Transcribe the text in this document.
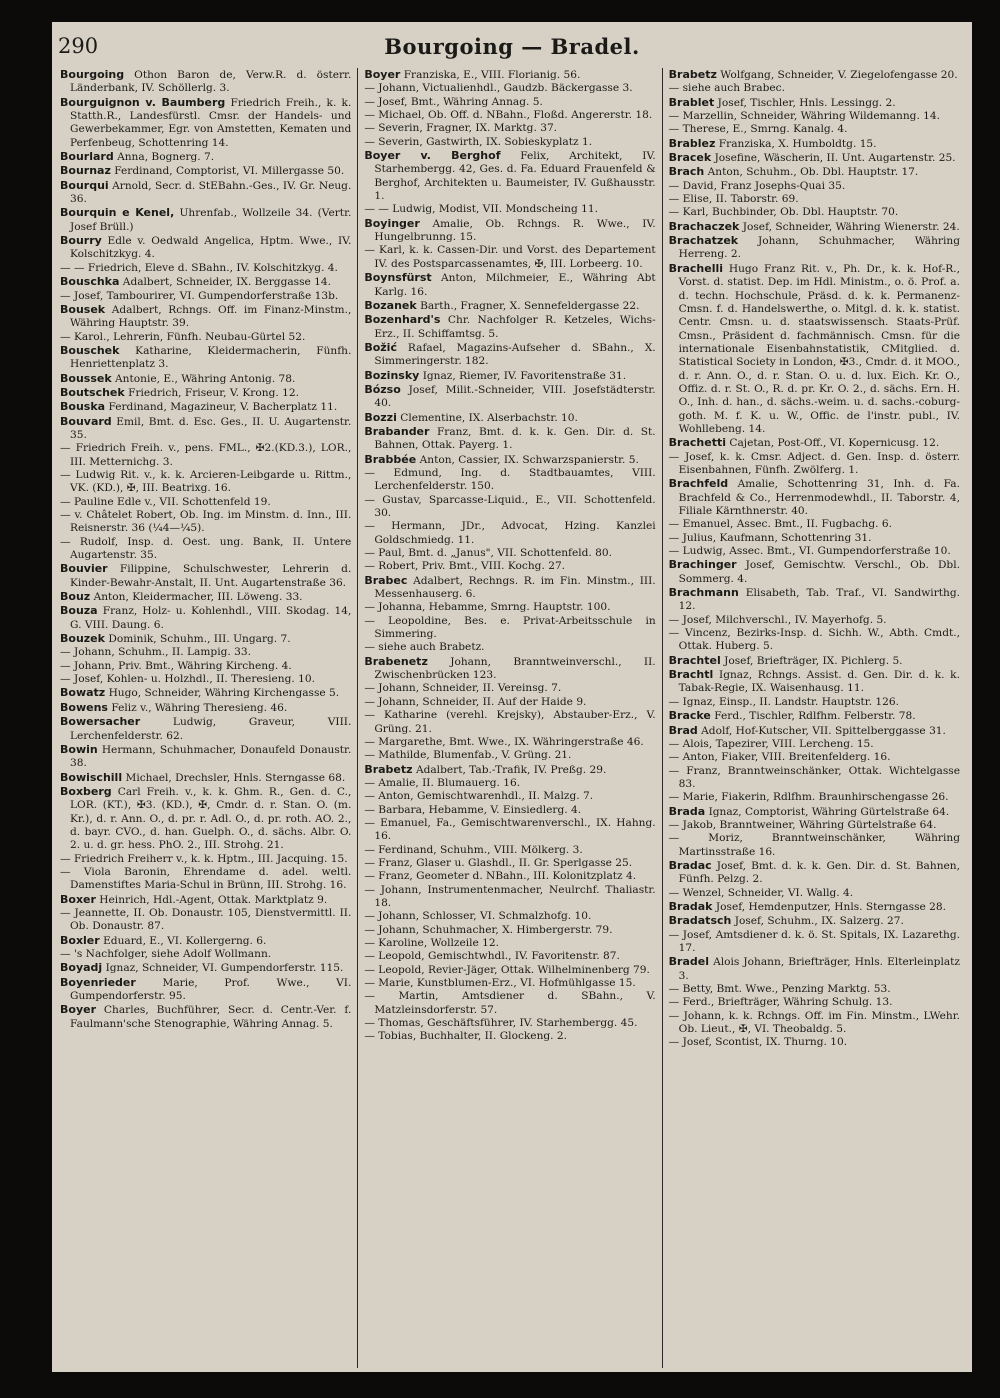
290	Bourgoing — Bradel.

Bourgoing Othon Baron de, Verw.R. d. österr. Länderbank, IV. Schöllerlg. 3.

Bourguignon v. Baumberg Friedrich Freih., k. k. Statth.R., Landesfürstl. Cmsr. der Handels- und Gewerbekammer, Egr. von Amstetten, Kematen und Perfenbeug, Schottenring 14.

Bourlard Anna, Bognerg. 7.

Bournaz Ferdinand, Comptorist, VI. Millergasse 50.

Bourqui Arnold, Secr. d. StEBahn.-Ges., IV. Gr. Neug. 36.

Bourquin e Kenel, Uhrenfab., Wollzeile 34. (Vertr. Josef Brüll.)

Bourry Edle v. Oedwald Angelica, Hptm. Wwe., IV. Kolschitzkyg. 4.

— — Friedrich, Eleve d. SBahn., IV. Kolschitzkyg. 4.

Bouschka Adalbert, Schneider, IX. Berggasse 14.

— Josef, Tambourirer, VI. Gumpendorferstraße 13b.

Bousek Adalbert, Rchngs. Off. im Finanz-Minstm., Währing Hauptstr. 39.

— Karol., Lehrerin, Fünfh. Neubau-Gürtel 52.

Bouschek Katharine, Kleidermacherin, Fünfh. Henriettenplatz 3.

Boussek Antonie, E., Währing Antonig. 78.

Boutschek Friedrich, Friseur, V. Krong. 12.

Bouska Ferdinand, Magazineur, V. Bacherplatz 11.

Bouvard Emil, Bmt. d. Esc. Ges., II. U. Augartenstr. 35.

— Friedrich Freih. v., pens. FML., ✠2.(KD.3.), LOR., III. Metternichg. 3.

— Ludwig Rit. v., k. k. Arcieren-Leibgarde u. Rittm., VK. (KD.), ✠, III. Beatrixg. 16.

— Pauline Edle v., VII. Schottenfeld 19.

— v. Châtelet Robert, Ob. Ing. im Minstm. d. Inn., III. Reisnerstr. 36 (¼4—¼5).

— Rudolf, Insp. d. Oest. ung. Bank, II. Untere Augartenstr. 35.

Bouvier Filippine, Schulschwester, Lehrerin d. Kinder-Bewahr-Anstalt, II. Unt. Augartenstraße 36.

Bouz Anton, Kleidermacher, III. Löweng. 33.

Bouza Franz, Holz- u. Kohlenhdl., VIII. Skodag. 14, G. VIII. Daung. 6.

Bouzek Dominik, Schuhm., III. Ungarg. 7.

— Johann, Schuhm., II. Lampig. 33.

— Johann, Priv. Bmt., Währing Kircheng. 4.

— Josef, Kohlen- u. Holzhdl., II. Theresieng. 10.

Bowatz Hugo, Schneider, Währing Kirchengasse 5.

Bowens Feliz v., Währing Theresieng. 46.

Bowersacher	Ludwig, Graveur, VIII. Lerchenfelderstr. 62.

Bowin Hermann, Schuhmacher, Donaufeld Donaustr. 38.

Bowischill Michael, Drechsler, Hnls. Sterngasse 68.

Boxberg Carl Freih. v., k. k. Ghm. R., Gen. d. C., LOR. (KT.), ✠3. (KD.), ✠, Cmdr. d. r. Stan. O. (m. Kr.), d. r. Ann. O., d. pr. r. Adl. O., d. pr. roth. AO. 2., d. bayr. CVO., d. han. Guelph. O., d. sächs. Albr. O. 2. u. d. gr. hess. PhO. 2., III. Strohg. 21.

— Friedrich Freiherr v., k. k. Hptm., III. Jacquing. 15.

— Viola Baronin, Ehrendame d. adel. weltl. Damenstiftes Maria-Schul in Brünn, III. Strohg. 16.

Boxer Heinrich, Hdl.-Agent, Ottak. Marktplatz 9.

— Jeannette, II. Ob. Donaustr. 105, Dienstvermittl. II. Ob. Donaustr. 87.

Boxler Eduard, E., VI. Kollergerng. 6.

— 's Nachfolger, siehe Adolf Wollmann.

Boyadj Ignaz, Schneider, VI. Gumpendorferstr. 115.

Boyenrieder	Marie, Prof. Wwe., VI. Gumpendorferstr. 95.

Boyer Charles, Buchführer, Secr. d. Centr.-Ver. f. Faulmann'sche Stenographie, Währing Annag. 5.

Boyer Franziska, E., VIII. Florianig. 56.

— Johann, Victualienhdl., Gaudzb. Bäckergasse 3.

— Josef, Bmt., Währing Annag. 5.

— Michael, Ob. Off. d. NBahn., Floßd. Angererstr. 18.

— Severin, Fragner, IX. Marktg. 37.

— Severin, Gastwirth, IX. Sobieskyplatz 1.

Boyer v. Berghof Felix, Architekt, IV. Starhembergg. 42, Ges. d. Fa. Eduard Frauenfeld & Berghof, Architekten u. Baumeister, IV. Gußhausstr. 1.

— — Ludwig, Modist, VII. Mondscheing 11.

Boyinger Amalie, Ob. Rchngs. R. Wwe., IV. Hungelbrunng. 15.

— Karl, k. k. Cassen-Dir. und Vorst. des Departement IV. des Postsparcassenamtes, ✠, III. Lorbeerg. 10.

Boynsfürst Anton, Milchmeier, E., Währing Abt Karlg. 16.

Bozanek Barth., Fragner, X. Sennefeldergasse 22.

Bozenhard's Chr. Nachfolger R. Ketzeles, Wichs-Erz., II. Schiffamtsg. 5.

Božić Rafael, Magazins-Aufseher d. SBahn., X. Simmeringerstr. 182.

Bozinsky Ignaz, Riemer, IV. Favoritenstraße 31.

Bózso Josef, Milit.-Schneider, VIII. Josefstädterstr. 40.

Bozzi Clementine, IX. Alserbachstr. 10.

Brabander Franz, Bmt. d. k. k. Gen. Dir. d. St. Bahnen, Ottak. Payerg. 1.

Brabbée Anton, Cassier, IX. Schwarzspanierstr. 5.

— Edmund, Ing. d. Stadtbauamtes, VIII. Lerchenfelderstr. 150.

— Gustav, Sparcasse-Liquid., E., VII. Schottenfeld. 30.

— Hermann, JDr., Advocat, Hzing. Kanzlei Goldschmiedg. 11.

— Paul, Bmt. d. „Janus", VII. Schottenfeld. 80.

— Robert, Priv. Bmt., VIII. Kochg. 27.

Brabec Adalbert, Rechngs. R. im Fin. Minstm., III. Messenhauserg. 6.

— Johanna, Hebamme, Smrng. Hauptstr. 100.

— Leopoldine, Bes. e. Privat-Arbeitsschule in Simmering.

— siehe auch Brabetz.

Brabenetz Johann, Branntweinverschl., II. Zwischenbrücken 123.

— Johann, Schneider, II. Vereinsg. 7.

— Johann, Schneider, II. Auf der Haide 9.

— Katharine (verehl. Krejsky), Abstauber-Erz., V. Grüng. 21.

— Margarethe, Bmt. Wwe., IX. Währingerstraße 46.

— Mathilde, Blumenfab., V. Grüng. 21.

Brabetz Adalbert, Tab.-Trafik, IV. Preßg. 29.

— Amalie, II. Blumauerg. 16.

— Anton, Gemischtwarenhdl., II. Malzg. 7.

— Barbara, Hebamme, V. Einsiedlerg. 4.

— Emanuel, Fa., Gemischtwarenverschl., IX. Hahng. 16.

— Ferdinand, Schuhm., VIII. Mölkerg. 3.

— Franz, Glaser u. Glashdl., II. Gr. Sperlgasse 25.

— Franz, Geometer d. NBahn., III. Kolonitzplatz 4.

— Johann, Instrumentenmacher, Neulrchf. Thaliastr. 18.

— Johann, Schlosser, VI. Schmalzhofg. 10.

— Johann, Schuhmacher, X. Himbergerstr. 79.

— Karoline, Wollzeile 12.

— Leopold, Gemischtwhdl., IV. Favoritenstr. 87.

— Leopold, Revier-Jäger, Ottak. Wilhelminenberg 79.

— Marie, Kunstblumen-Erz., VI. Hofmühlgasse 15.

— Martin, Amtsdiener d. SBahn., V. Matzleinsdorferstr. 57.

— Thomas, Geschäftsführer, IV. Starhembergg. 45.

— Tobias, Buchhalter, II. Glockeng. 2.

Brabetz Wolfgang, Schneider, V. Ziegelofengasse 20.

— siehe auch Brabec.

Brablet Josef, Tischler, Hnls. Lessingg. 2.

— Marzellin, Schneider, Währing Wildemanng. 14.

— Therese, E., Smrng. Kanalg. 4.

Brablez Franziska, X. Humboldtg. 15.

Bracek Josefine, Wäscherin, II. Unt. Augartenstr. 25.

Brach Anton, Schuhm., Ob. Dbl. Hauptstr. 17.

— David, Franz Josephs-Quai 35.

— Elise, II. Taborstr. 69.

— Karl, Buchbinder, Ob. Dbl. Hauptstr. 70.

Brachaczek Josef, Schneider, Währing Wienerstr. 24.

Brachatzek Johann, Schuhmacher, Währing Herreng. 2.

Brachelli Hugo Franz Rit. v., Ph. Dr., k. k. Hof-R., Vorst. d. statist. Dep. im Hdl. Ministm., o. ö. Prof. a. d. techn. Hochschule, Präsd. d. k. k. Permanenz-Cmsn. f. d. Handelswerthe, o. Mitgl. d. k. k. statist. Centr. Cmsn. u. d. staatswissensch. Staats-Prüf. Cmsn., Präsident d. fachmännisch. Cmsn. für die internationale Eisenbahnstatistik, CMitglied. d. Statistical Society in London, ✠3., Cmdr. d. it MOO., d. r. Ann. O., d. r. Stan. O. u. d. lux. Eich. Kr. O., Offiz. d. r. St. O., R. d. pr. Kr. O. 2., d. sächs. Ern. H. O., Inh. d. han., d. sächs.-weim. u. d. sachs.-coburg-goth. M. f. K. u. W., Offic. de l'instr. publ., IV. Wohllebeng. 14.

Brachetti Cajetan, Post-Off., VI. Kopernicusg. 12.

— Josef, k. k. Cmsr. Adject. d. Gen. Insp. d. österr. Eisenbahnen, Fünfh. Zwölferg. 1.

Brachfeld Amalie, Schottenring 31, Inh. d. Fa. Brachfeld & Co., Herrenmodewhdl., II. Taborstr. 4, Filiale Kärnthnerstr. 40.

— Emanuel, Assec. Bmt., II. Fugbachg. 6.

— Julius, Kaufmann, Schottenring 31.

— Ludwig, Assec. Bmt., VI. Gumpendorferstraße 10.

Brachinger Josef, Gemischtw. Verschl., Ob. Dbl. Sommerg. 4.

Brachmann Elisabeth, Tab. Traf., VI. Sandwirthg. 12.

— Josef, Milchverschl., IV. Mayerhofg. 5.

— Vincenz, Bezirks-Insp. d. Sichh. W., Abth. Cmdt., Ottak. Huberg. 5.

Brachtel Josef, Briefträger, IX. Pichlerg. 5.

Brachtl Ignaz, Rchngs. Assist. d. Gen. Dir. d. k. k. Tabak-Regie, IX. Waisenhausg. 11.

— Ignaz, Einsp., II. Landstr. Hauptstr. 126.

Bracke Ferd., Tischler, Rdlfhm. Felberstr. 78.

Brad Adolf, Hof-Kutscher, VII. Spittelberggasse 31.

— Alois, Tapezirer, VIII. Lercheng. 15.

— Anton, Fiaker, VIII. Breitenfelderg. 16.

— Franz, Branntweinschänker, Ottak. Wichtelgasse 83.

— Marie, Fiakerin, Rdlfhm. Braunhirschengasse 26.

Brada Ignaz, Comptorist, Währing Gürtelstraße 64.

— Jakob, Branntweiner, Währing Gürtelstraße 64.

— Moriz, Branntweinschänker, Währing Martinsstraße 16.

Bradac Josef, Bmt. d. k. k. Gen. Dir. d. St. Bahnen, Fünfh. Pelzg. 2.

— Wenzel, Schneider, VI. Wallg. 4.

Bradak Josef, Hemdenputzer, Hnls. Sterngasse 28.

Bradatsch Josef, Schuhm., IX. Salzerg. 27.

— Josef, Amtsdiener d. k. ö. St. Spitals, IX. Lazarethg. 17.

Bradel Alois Johann, Briefträger, Hnls. Elterleinplatz 3.

— Betty, Bmt. Wwe., Penzing Marktg. 53.

— Ferd., Briefträger, Währing Schulg. 13.

— Johann, k. k. Rchngs. Off. im Fin. Minstm., LWehr. Ob. Lieut., ✠, VI. Theobaldg. 5.

— Josef, Scontist, IX. Thurng. 10.
